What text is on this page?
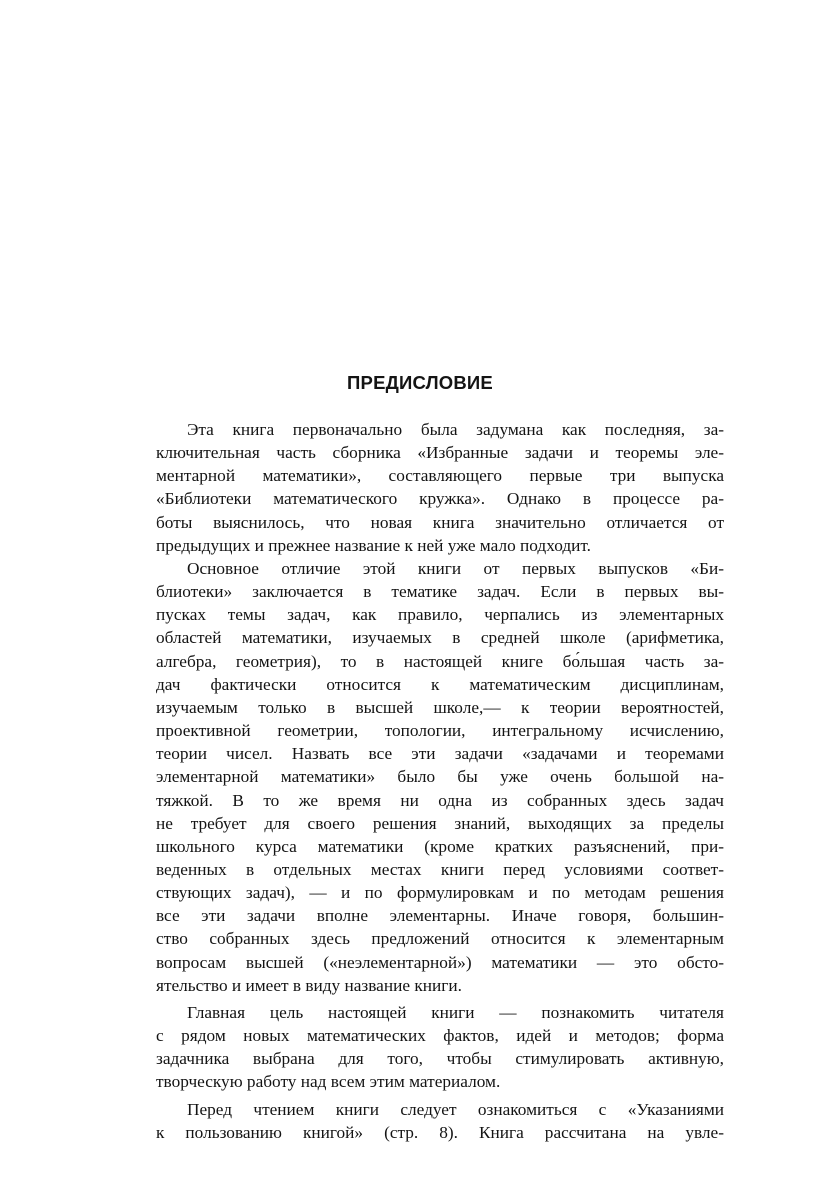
ПРЕДИСЛОВИЕ
Эта книга первоначально была задумана как последняя, за-
ключительная часть сборника «Избранные задачи и теоремы эле-
ментарной математики», составляющего первые три выпуска
«Библиотеки математического кружка». Однако в процессе ра-
боты выяснилось, что новая книга значительно отличается от
предыдущих и прежнее название к ней уже мало подходит.
Основное отличие этой книги от первых выпусков «Би-
блиотеки» заключается в тематике задач. Если в первых вы-
пусках темы задач, как правило, черпались из элементарных
областей математики, изучаемых в средней школе (арифметика,
алгебра, геометрия), то в настоящей книге бо́льшая часть за-
дач фактически относится к математическим дисциплинам,
изучаемым только в высшей школе,— к теории вероятностей,
проективной геометрии, топологии, интегральному исчислению,
теории чисел. Назвать все эти задачи «задачами и теоремами
элементарной математики» было бы уже очень большой на-
тяжкой. В то же время ни одна из собранных здесь задач
не требует для своего решения знаний, выходящих за пределы
школьного курса математики (кроме кратких разъяснений, при-
веденных в отдельных местах книги перед условиями соответ-
ствующих задач), — и по формулировкам и по методам решения
все эти задачи вполне элементарны. Иначе говоря, большин-
ство собранных здесь предложений относится к элементарным
вопросам высшей («неэлементарной») математики — это обсто-
ятельство и имеет в виду название книги.
Главная цель настоящей книги — познакомить читателя
с рядом новых математических фактов, идей и методов; форма
задачника выбрана для того, чтобы стимулировать активную,
творческую работу над всем этим материалом.
Перед чтением книги следует ознакомиться с «Указаниями
к пользованию книгой» (стр. 8). Книга рассчитана на увле-
